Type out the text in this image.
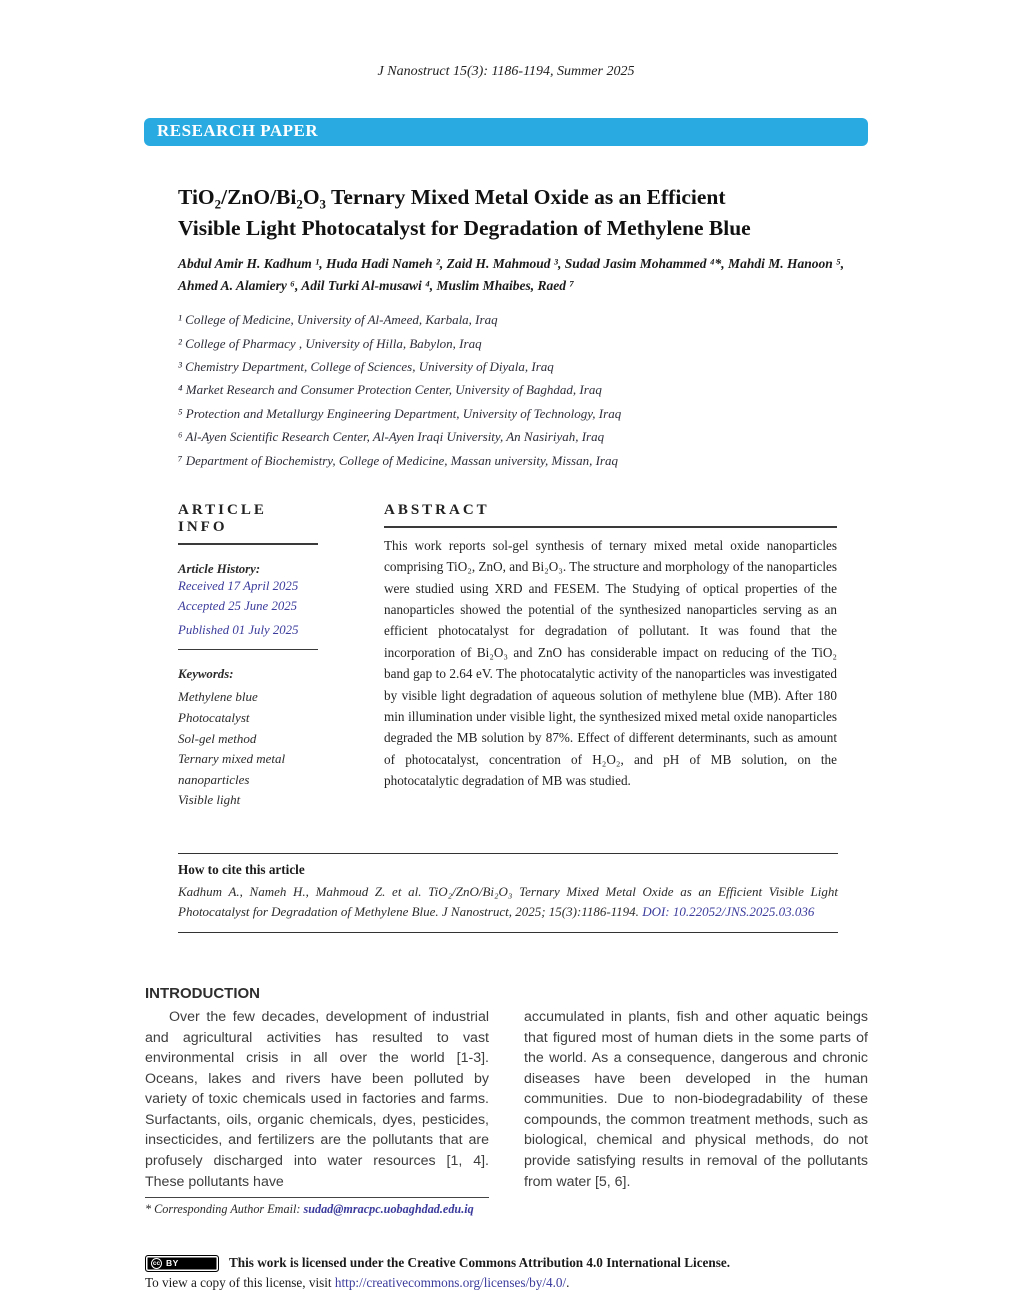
J Nanostruct 15(3): 1186-1194, Summer 2025
RESEARCH PAPER
TiO₂/ZnO/Bi₂O₃ Ternary Mixed Metal Oxide as an Efficient
Visible Light Photocatalyst for Degradation of Methylene Blue
Abdul Amir H. Kadhum ¹, Huda Hadi Nameh ², Zaid H. Mahmoud ³, Sudad Jasim Mohammed ⁴*, Mahdi M. Hanoon ⁵, Ahmed A. Alamiery ⁶, Adil Turki Al-musawi ⁴, Muslim Mhaibes, Raed ⁷
¹ College of Medicine, University of Al-Ameed, Karbala, Iraq
² College of Pharmacy , University of Hilla, Babylon, Iraq
³ Chemistry Department, College of Sciences, University of Diyala, Iraq
⁴ Market Research and Consumer Protection Center, University of Baghdad, Iraq
⁵ Protection and Metallurgy Engineering Department, University of Technology, Iraq
⁶ Al-Ayen Scientific Research Center, Al-Ayen Iraqi University, An Nasiriyah, Iraq
⁷ Department of Biochemistry, College of Medicine, Massan university, Missan, Iraq
ARTICLE INFO
Article History:
Received 17 April 2025
Accepted 25 June 2025
Published 01 July 2025
Keywords:
Methylene blue
Photocatalyst
Sol-gel method
Ternary mixed metal nanoparticles
Visible light
ABSTRACT
This work reports sol-gel synthesis of ternary mixed metal oxide nanoparticles comprising TiO₂, ZnO, and Bi₂O₃. The structure and morphology of the nanoparticles were studied using XRD and FESEM. The Studying of optical properties of the nanoparticles showed the potential of the synthesized nanoparticles serving as an efficient photocatalyst for degradation of pollutant. It was found that the incorporation of Bi₂O₃ and ZnO has considerable impact on reducing of the TiO₂ band gap to 2.64 eV. The photocatalytic activity of the nanoparticles was investigated by visible light degradation of aqueous solution of methylene blue (MB). After 180 min illumination under visible light, the synthesized mixed metal oxide nanoparticles degraded the MB solution by 87%. Effect of different determinants, such as amount of photocatalyst, concentration of H₂O₂, and pH of MB solution, on the photocatalytic degradation of MB was studied.
How to cite this article
Kadhum A., Nameh H., Mahmoud Z. et al. TiO₂/ZnO/Bi₂O₃ Ternary Mixed Metal Oxide as an Efficient Visible Light Photocatalyst for Degradation of Methylene Blue. J Nanostruct, 2025; 15(3):1186-1194. DOI: 10.22052/JNS.2025.03.036
INTRODUCTION

Over the few decades, development of industrial and agricultural activities has resulted to vast environmental crisis in all over the world [1-3]. Oceans, lakes and rivers have been polluted by variety of toxic chemicals used in factories and farms. Surfactants, oils, organic chemicals, dyes, pesticides, insecticides, and fertilizers are the pollutants that are profusely discharged into water resources [1, 4]. These pollutants have

* Corresponding Author Email: sudad@mracpc.uobaghdad.edu.iq

accumulated in plants, fish and other aquatic beings that figured most of human diets in the some parts of the world. As a consequence, dangerous and chronic diseases have been developed in the human communities. Due to non-biodegradability of these compounds, the common treatment methods, such as biological, chemical and physical methods, do not provide satisfying results in removal of the pollutants from water [5, 6].

cc BY	This work is licensed under the Creative Commons Attribution 4.0 International License.
To view a copy of this license, visit http://creativecommons.org/licenses/by/4.0/.
